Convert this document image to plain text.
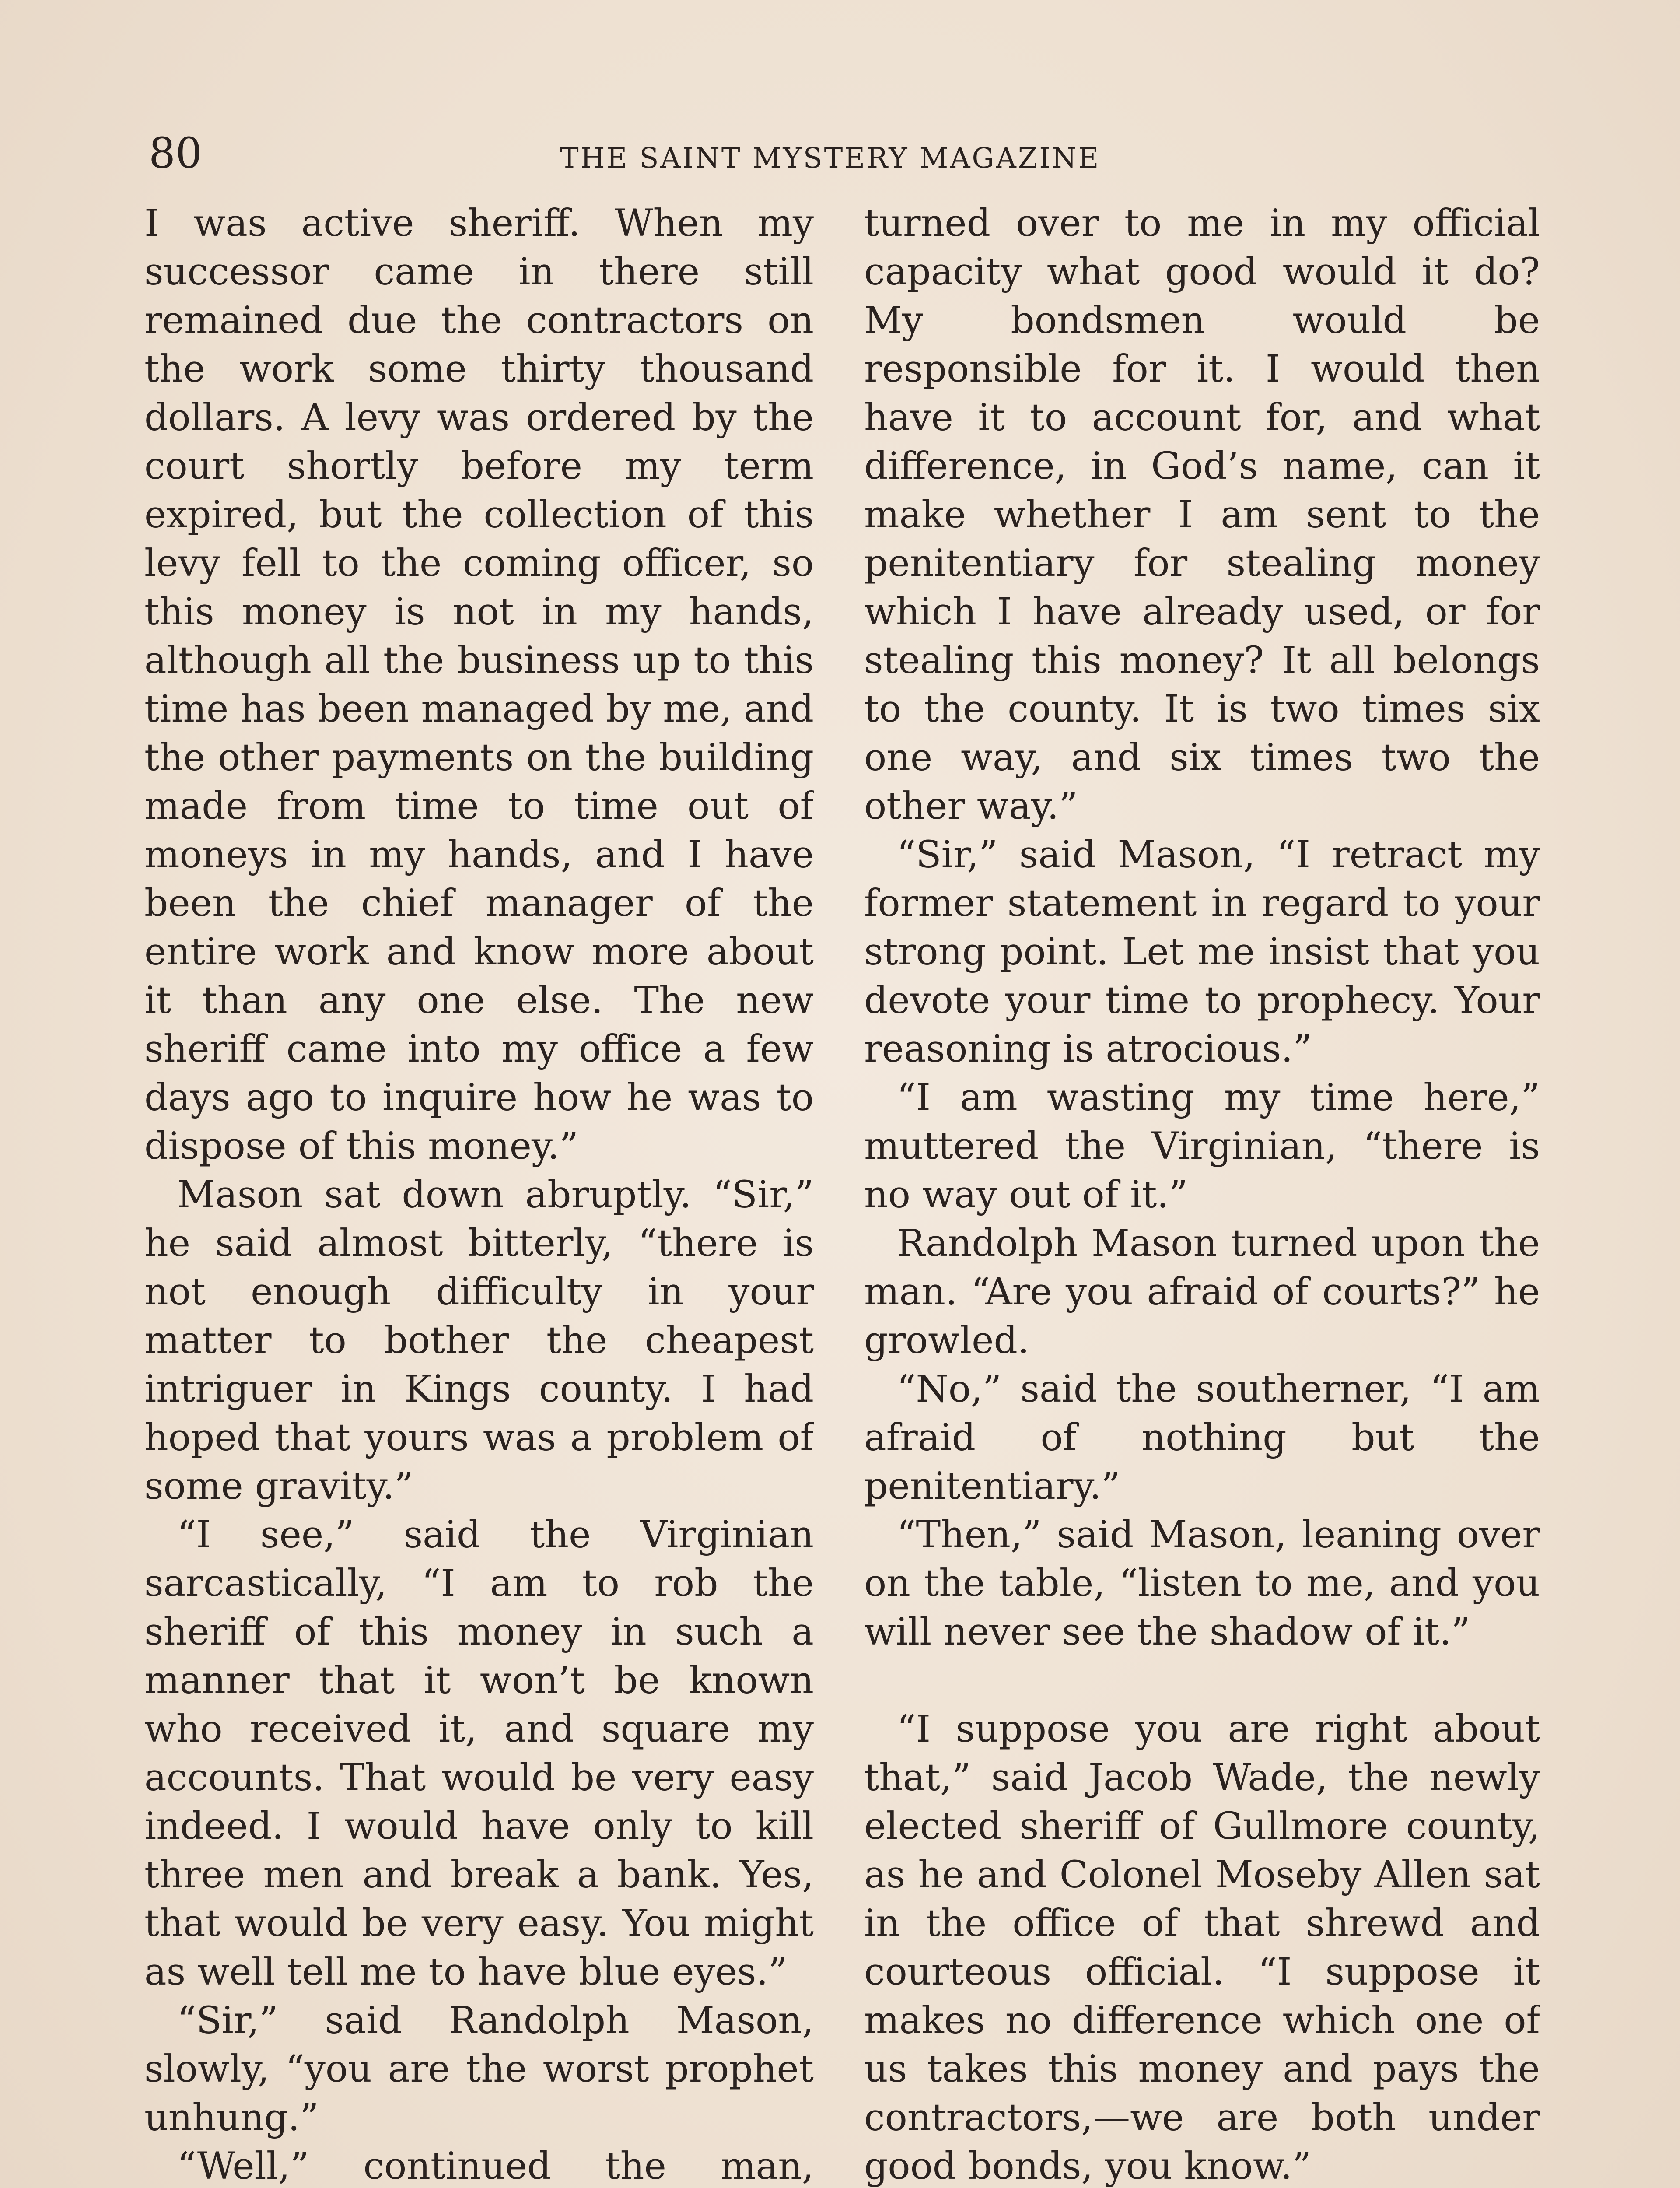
80	THE SAINT MYSTERY MAGAZINE

I was active sheriff. When my successor came in there still remained due the contractors on the work some thirty thousand dollars. A levy was ordered by the court shortly before my term expired, but the collection of this levy fell to the coming officer, so this money is not in my hands, although all the business up to this time has been managed by me, and the other payments on the building made from time to time out of moneys in my hands, and I have been the chief manager of the entire work and know more about it than any one else. The new sheriff came into my office a few days ago to inquire how he was to dispose of this money.”

Mason sat down abruptly. “Sir,” he said almost bitterly, “there is not enough difficulty in your matter to bother the cheapest intriguer in Kings county. I had hoped that yours was a problem of some gravity.”

“I see,” said the Virginian sarcastically, “I am to rob the sheriff of this money in such a manner that it won’t be known who received it, and square my accounts. That would be very easy indeed. I would have only to kill three men and break a bank. Yes, that would be very easy. You might as well tell me to have blue eyes.”

“Sir,” said Randolph Mason, slowly, “you are the worst prophet unhung.”

“Well,” continued the man,

turned over to me in my official capacity what good would it do? My bondsmen would be responsible for it. I would then have it to account for, and what difference, in God’s name, can it make whether I am sent to the penitentiary for stealing money which I have already used, or for stealing this money? It all belongs to the county. It is two times six one way, and six times two the other way.”

“Sir,” said Mason, “I retract my former statement in regard to your strong point. Let me insist that you devote your time to prophecy. Your reasoning is atrocious.”

“I am wasting my time here,” muttered the Virginian, “there is no way out of it.”

Randolph Mason turned upon the man. “Are you afraid of courts?” he growled.

“No,” said the southerner, “I am afraid of nothing but the penitentiary.”

“Then,” said Mason, leaning over on the table, “listen to me, and you will never see the shadow of it.”

“I suppose you are right about that,” said Jacob Wade, the newly elected sheriff of Gullmore county, as he and Colonel Moseby Allen sat in the office of that shrewd and courteous official. “I suppose it makes no difference which one of us takes this money and pays the contractors,—we are both under good bonds, you know.”
